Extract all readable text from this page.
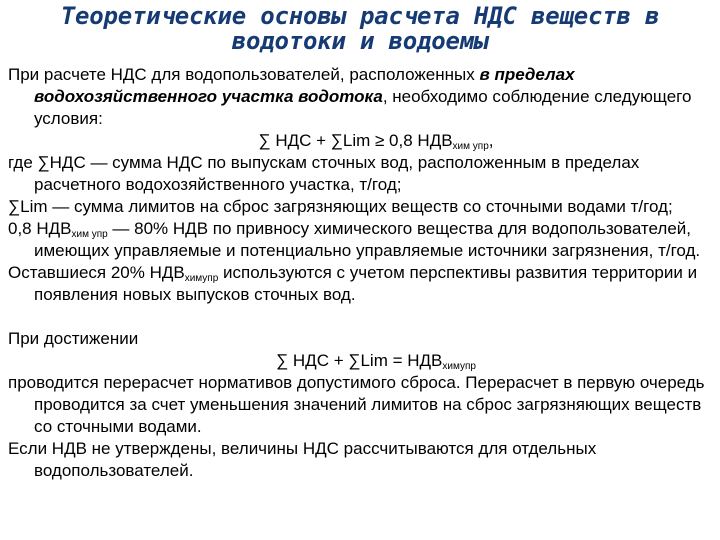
Теоретические основы расчета НДС веществ в
водотоки и водоемы

При расчете НДС для водопользователей, расположенных в пределах водохозяйственного участка водотока, необходимо соблюдение следующего условия:

∑ НДС + ∑Lim ≥ 0,8 $НДВ_{хим упр}$,

где ∑НДС — сумма НДС по выпускам сточных вод, расположенным в пределах расчетного водохозяйственного участка, т/год;

∑Lim — сумма лимитов на сброс загрязняющих веществ со сточными водами т/год;

0,8 $НДВ_{хим упр}$ — 80% НДВ по привносу химического вещества для водопользователей, имеющих управляемые и потенциально управляемые источники загрязнения, т/год.

Оставшиеся 20% $НДВ_{химупр}$ используются с учетом перспективы развития территории и появления новых выпусков сточных вод.

При достижении

∑ НДС + $\sum Lim = НДВ_{химупр}$

проводится перерасчет нормативов допустимого сброса. Перерасчет в первую очередь проводится за счет уменьшения значений лимитов на сброс загрязняющих веществ со сточными водами.

Если НДВ не утверждены, величины НДС рассчитываются для отдельных водопользователей.
